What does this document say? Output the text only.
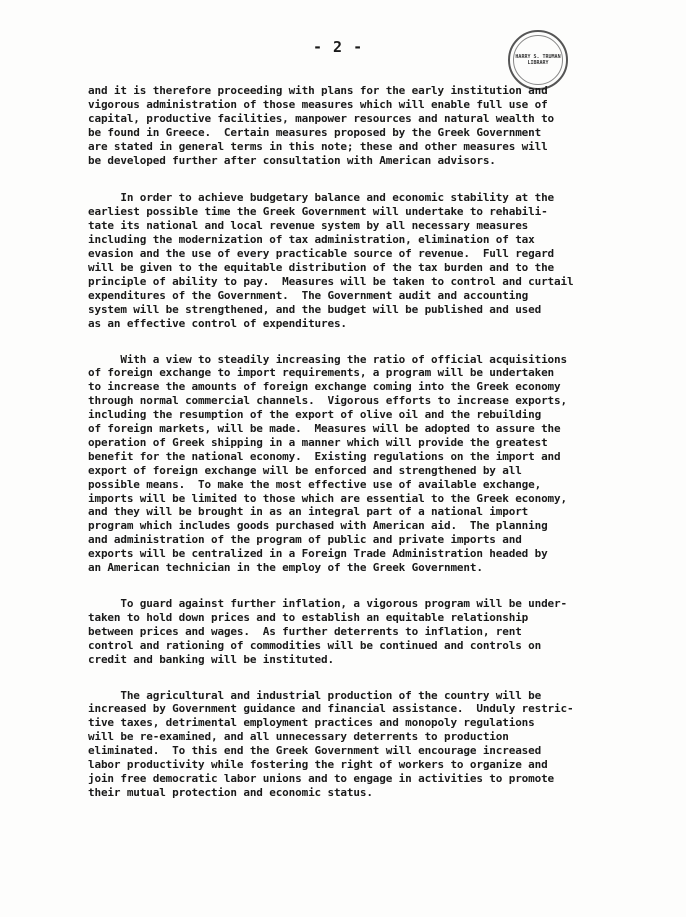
- 2 -
HARRY S. TRUMAN LIBRARY

and it is therefore proceeding with plans for the early institution and
vigorous administration of those measures which will enable full use of
capital, productive facilities, manpower resources and natural wealth to
be found in Greece.  Certain measures proposed by the Greek Government
are stated in general terms in this note; these and other measures will
be developed further after consultation with American advisors.

In order to achieve budgetary balance and economic stability at the
earliest possible time the Greek Government will undertake to rehabili-
tate its national and local revenue system by all necessary measures
including the modernization of tax administration, elimination of tax
evasion and the use of every practicable source of revenue.  Full regard
will be given to the equitable distribution of the tax burden and to the
principle of ability to pay.  Measures will be taken to control and curtail
expenditures of the Government.  The Government audit and accounting
system will be strengthened, and the budget will be published and used
as an effective control of expenditures.

With a view to steadily increasing the ratio of official acquisitions
of foreign exchange to import requirements, a program will be undertaken
to increase the amounts of foreign exchange coming into the Greek economy
through normal commercial channels.  Vigorous efforts to increase exports,
including the resumption of the export of olive oil and the rebuilding
of foreign markets, will be made.  Measures will be adopted to assure the
operation of Greek shipping in a manner which will provide the greatest
benefit for the national economy.  Existing regulations on the import and
export of foreign exchange will be enforced and strengthened by all
possible means.  To make the most effective use of available exchange,
imports will be limited to those which are essential to the Greek economy,
and they will be brought in as an integral part of a national import
program which includes goods purchased with American aid.  The planning
and administration of the program of public and private imports and
exports will be centralized in a Foreign Trade Administration headed by
an American technician in the employ of the Greek Government.

To guard against further inflation, a vigorous program will be under-
taken to hold down prices and to establish an equitable relationship
between prices and wages.  As further deterrents to inflation, rent
control and rationing of commodities will be continued and controls on
credit and banking will be instituted.

The agricultural and industrial production of the country will be
increased by Government guidance and financial assistance.  Unduly restric-
tive taxes, detrimental employment practices and monopoly regulations
will be re-examined, and all unnecessary deterrents to production
eliminated.  To this end the Greek Government will encourage increased
labor productivity while fostering the right of workers to organize and
join free democratic labor unions and to engage in activities to promote
their mutual protection and economic status.
